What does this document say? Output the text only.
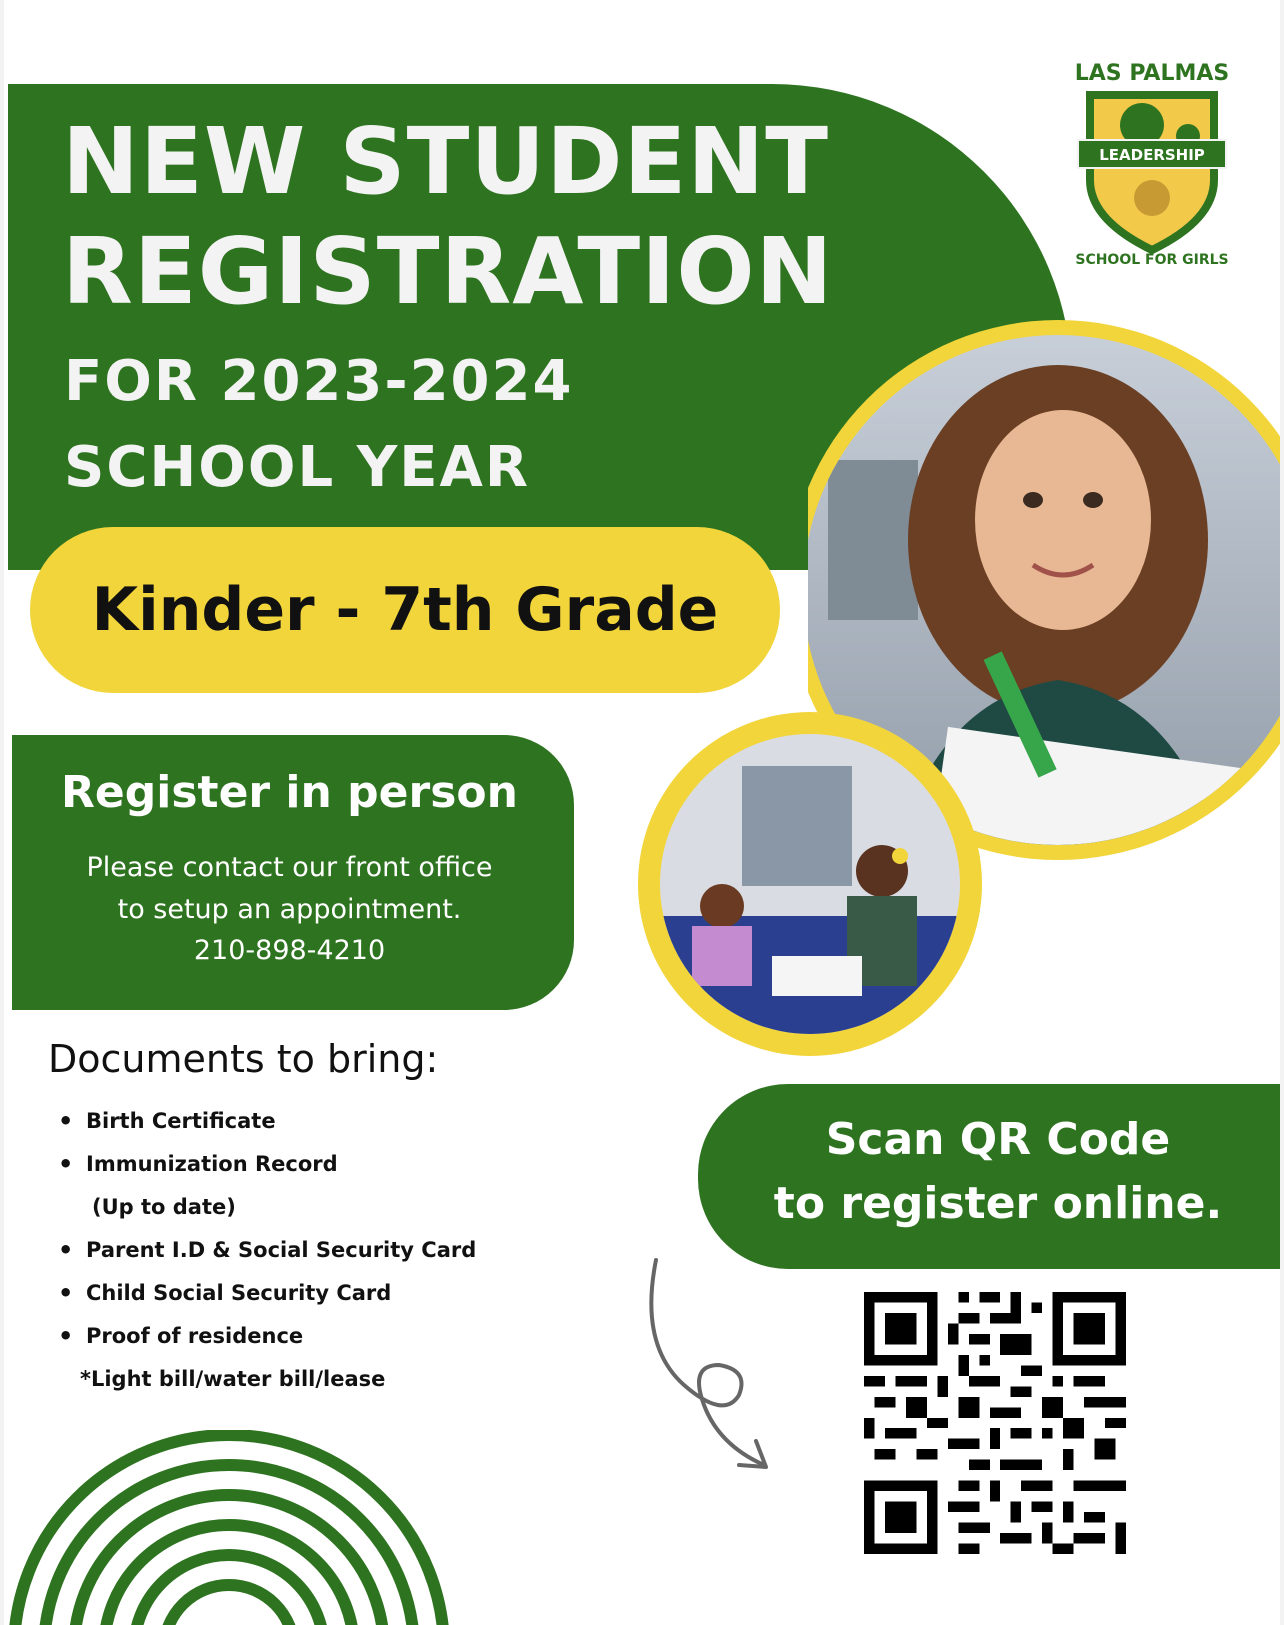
NEW STUDENT
REGISTRATION
FOR 2023-2024
SCHOOL YEAR
LAS PALMAS
LEADERSHIP
SCHOOL FOR GIRLS
Kinder - 7th Grade
Register in person
Please contact our front office
to setup an appointment.
210-898-4210
Documents to bring:
• Birth Certificate
• Immunization Record
(Up to date)
• Parent I.D & Social Security Card
• Child Social Security Card
• Proof of residence
*Light bill/water bill/lease
Scan QR Code
to register online.
